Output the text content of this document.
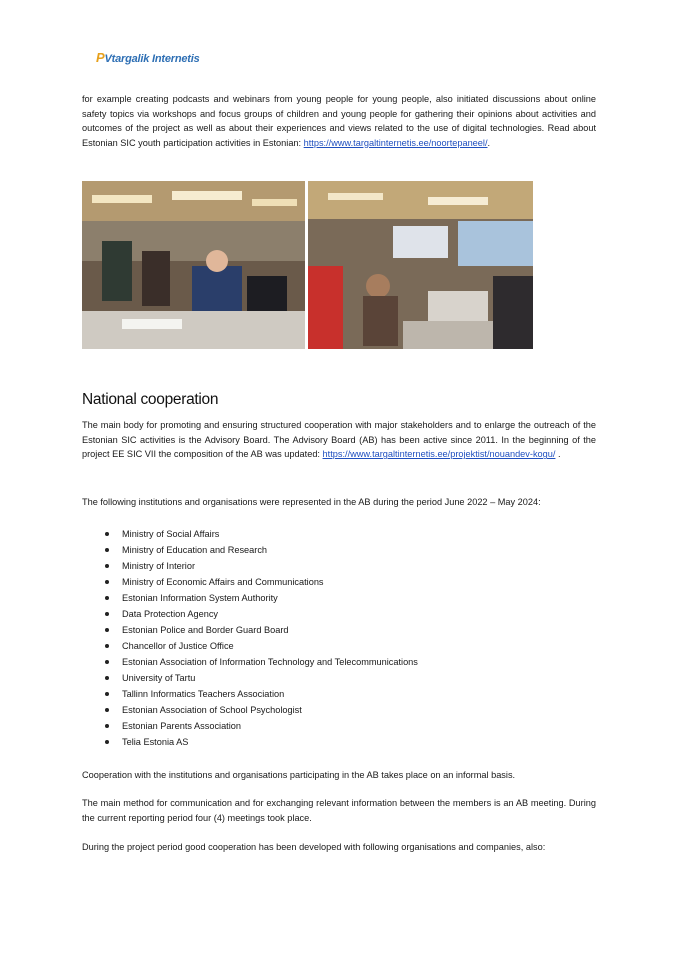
PVtargalik Internetis

for example creating podcasts and webinars from young people for young people, also initiated discussions about online safety topics via workshops and focus groups of children and young people for gathering their opinions about activities and outcomes of the project as well as about their experiences and views related to the use of digital technologies. Read about Estonian SIC youth participation activities in Estonian: https://www.targaltinternetis.ee/noortepaneel/.

National cooperation

The main body for promoting and ensuring structured cooperation with major stakeholders and to enlarge the outreach of the Estonian SIC activities is the Advisory Board. The Advisory Board (AB) has been active since 2011. In the beginning of the project EE SIC VII the composition of the AB was updated: https://www.targaltinternetis.ee/projektist/nouandev-kogu/ .

The following institutions and organisations were represented in the AB during the period June 2022 – May 2024:

Ministry of Social Affairs
Ministry of Education and Research
Ministry of Interior
Ministry of Economic Affairs and Communications
Estonian Information System Authority
Data Protection Agency
Estonian Police and Border Guard Board
Chancellor of Justice Office
Estonian Association of Information Technology and Telecommunications
University of Tartu
Tallinn Informatics Teachers Association
Estonian Association of School Psychologist
Estonian Parents Association
Telia Estonia AS

Cooperation with the institutions and organisations participating in the AB takes place on an informal basis.

The main method for communication and for exchanging relevant information between the members is an AB meeting. During the current reporting period four (4) meetings took place.

During the project period good cooperation has been developed with following organisations and companies, also:
